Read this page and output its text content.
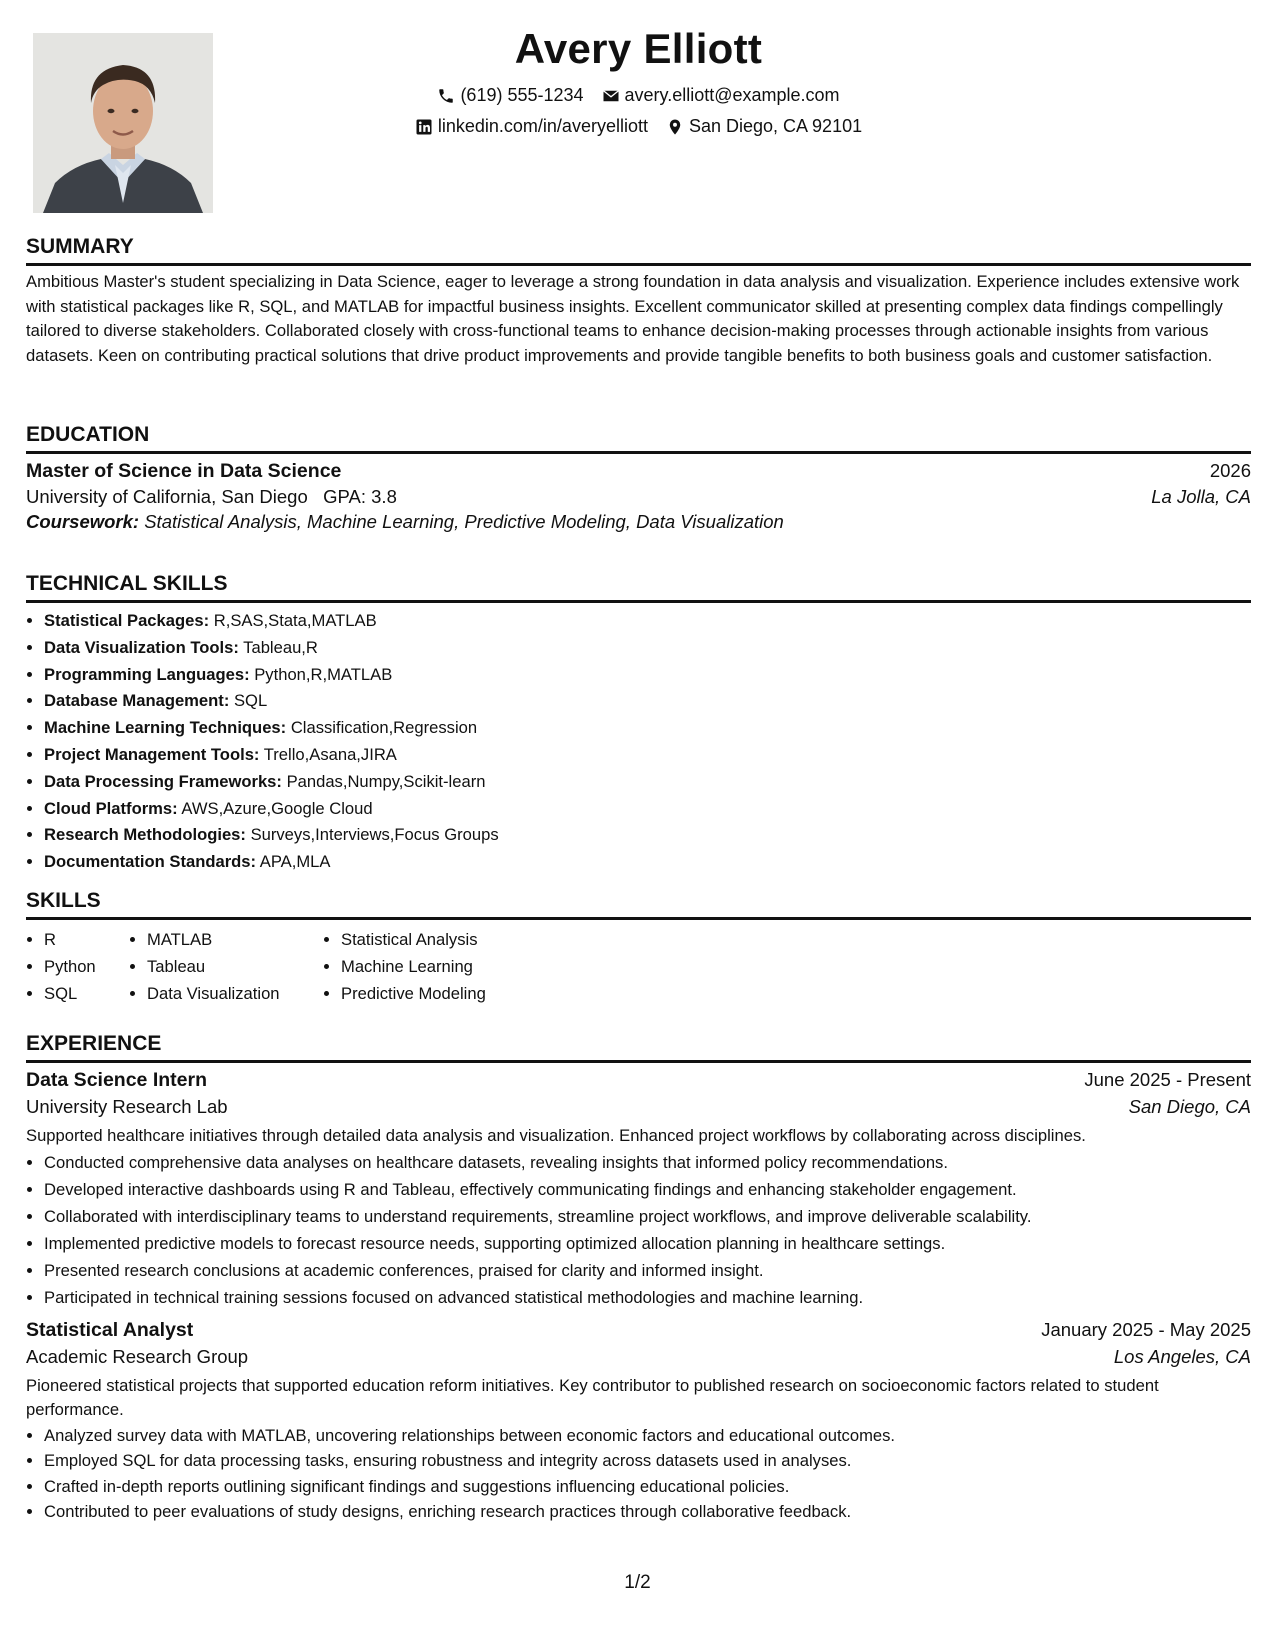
Avery Elliott
(619) 555-1234 avery.elliott@example.com
linkedin.com/in/averyelliott San Diego, CA 92101
SUMMARY

Ambitious Master's student specializing in Data Science, eager to leverage a strong foundation in data analysis and visualization. Experience includes extensive work with statistical packages like R, SQL, and MATLAB for impactful business insights. Excellent communicator skilled at presenting complex data findings compellingly tailored to diverse stakeholders. Collaborated closely with cross-functional teams to enhance decision-making processes through actionable insights from various datasets. Keen on contributing practical solutions that drive product improvements and provide tangible benefits to both business goals and customer satisfaction.

EDUCATION
Master of Science in Data Science	2026
University of California, San Diego GPA: 3.8	La Jolla, CA
Coursework: Statistical Analysis, Machine Learning, Predictive Modeling, Data Visualization
TECHNICAL SKILLS
• Statistical Packages: R,SAS,Stata,MATLAB
• Data Visualization Tools: Tableau,R
• Programming Languages: Python,R,MATLAB
• Database Management: SQL
• Machine Learning Techniques: Classification,Regression
• Project Management Tools: Trello,Asana,JIRA
• Data Processing Frameworks: Pandas,Numpy,Scikit-learn
• Cloud Platforms: AWS,Azure,Google Cloud
• Research Methodologies: Surveys,Interviews,Focus Groups
• Documentation Standards: APA,MLA
SKILLS
• R
• Python
• SQL
• MATLAB
• Tableau
• Data Visualization
• Statistical Analysis
• Machine Learning
• Predictive Modeling
EXPERIENCE
Data Science Intern	June 2025 - Present
University Research Lab	San Diego, CA

Supported healthcare initiatives through detailed data analysis and visualization. Enhanced project workflows by collaborating across disciplines.

• Conducted comprehensive data analyses on healthcare datasets, revealing insights that informed policy recommendations.
• Developed interactive dashboards using R and Tableau, effectively communicating findings and enhancing stakeholder engagement.
• Collaborated with interdisciplinary teams to understand requirements, streamline project workflows, and improve deliverable scalability.
• Implemented predictive models to forecast resource needs, supporting optimized allocation planning in healthcare settings.
• Presented research conclusions at academic conferences, praised for clarity and informed insight.
• Participated in technical training sessions focused on advanced statistical methodologies and machine learning.
Statistical Analyst	January 2025 - May 2025
Academic Research Group	Los Angeles, CA

Pioneered statistical projects that supported education reform initiatives. Key contributor to published research on socioeconomic factors related to student performance.

• Analyzed survey data with MATLAB, uncovering relationships between economic factors and educational outcomes.
• Employed SQL for data processing tasks, ensuring robustness and integrity across datasets used in analyses.
• Crafted in-depth reports outlining significant findings and suggestions influencing educational policies.
• Contributed to peer evaluations of study designs, enriching research practices through collaborative feedback.
1/2
